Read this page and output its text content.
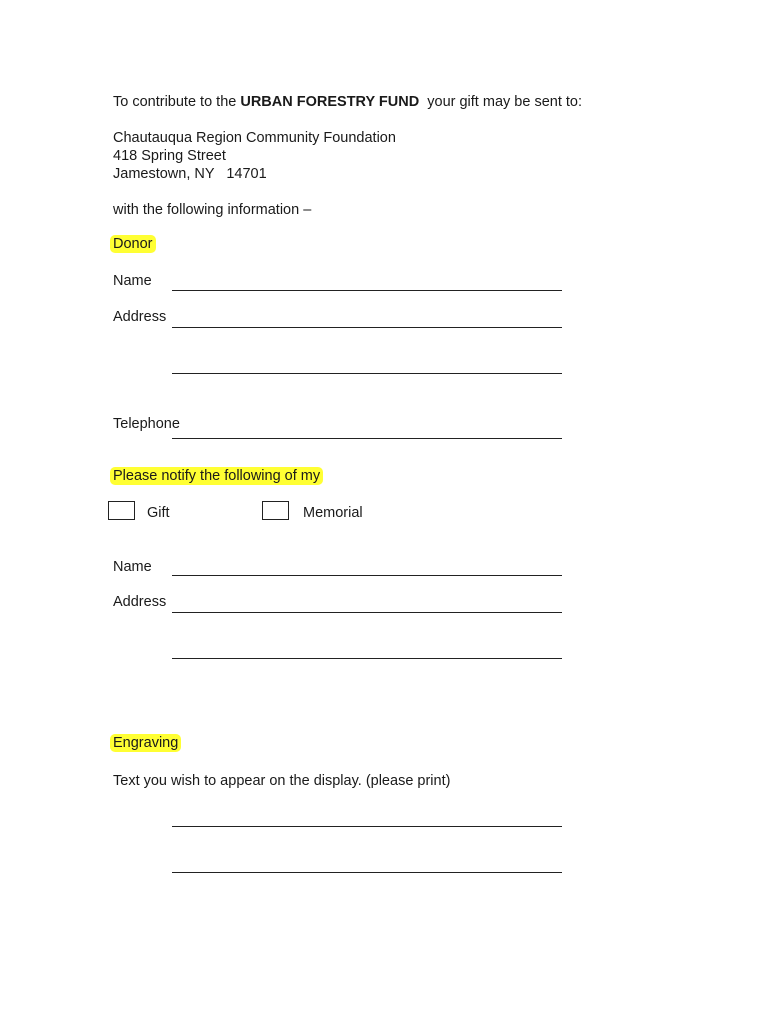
To contribute to the URBAN FORESTRY FUND  your gift may be sent to:
Chautauqua Region Community Foundation
418 Spring Street
Jamestown, NY   14701
with the following information –
Donor
Name
Address
Telephone
Please notify the following of my
Gift	Memorial
Name
Address
Engraving
Text you wish to appear on the display. (please print)
